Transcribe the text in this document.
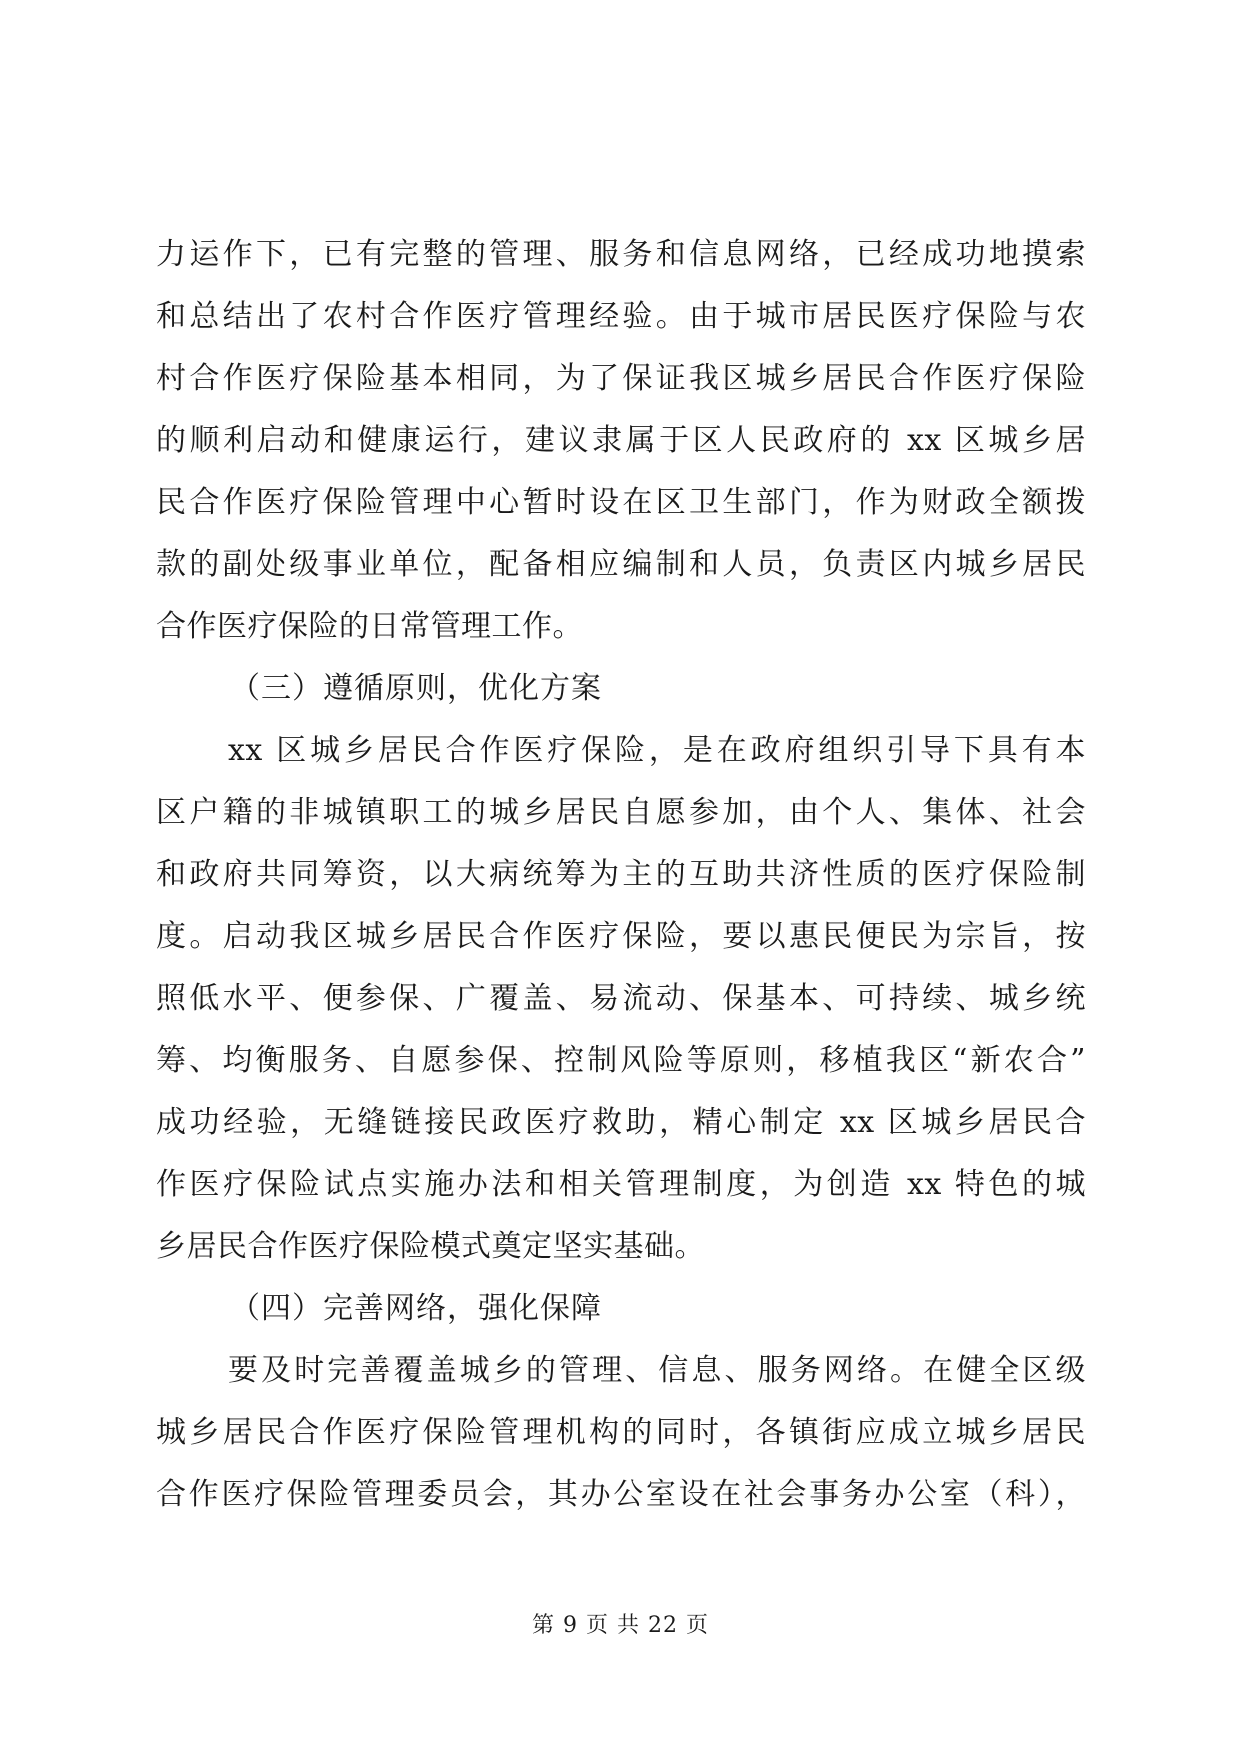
力运作下，已有完整的管理、服务和信息网络，已经成功地摸索
和总结出了农村合作医疗管理经验。由于城市居民医疗保险与农
村合作医疗保险基本相同，为了保证我区城乡居民合作医疗保险
的顺利启动和健康运行，建议隶属于区人民政府的 xx 区城乡居
民合作医疗保险管理中心暂时设在区卫生部门，作为财政全额拨
款的副处级事业单位，配备相应编制和人员，负责区内城乡居民
合作医疗保险的日常管理工作。
（三）遵循原则，优化方案
xx 区城乡居民合作医疗保险，是在政府组织引导下具有本
区户籍的非城镇职工的城乡居民自愿参加，由个人、集体、社会
和政府共同筹资，以大病统筹为主的互助共济性质的医疗保险制
度。启动我区城乡居民合作医疗保险，要以惠民便民为宗旨，按
照低水平、便参保、广覆盖、易流动、保基本、可持续、城乡统
筹、均衡服务、自愿参保、控制风险等原则，移植我区“新农合”
成功经验，无缝链接民政医疗救助，精心制定 xx 区城乡居民合
作医疗保险试点实施办法和相关管理制度，为创造 xx 特色的城
乡居民合作医疗保险模式奠定坚实基础。
（四）完善网络，强化保障
要及时完善覆盖城乡的管理、信息、服务网络。在健全区级
城乡居民合作医疗保险管理机构的同时，各镇街应成立城乡居民
合作医疗保险管理委员会，其办公室设在社会事务办公室（科），
第 9 页 共 22 页
